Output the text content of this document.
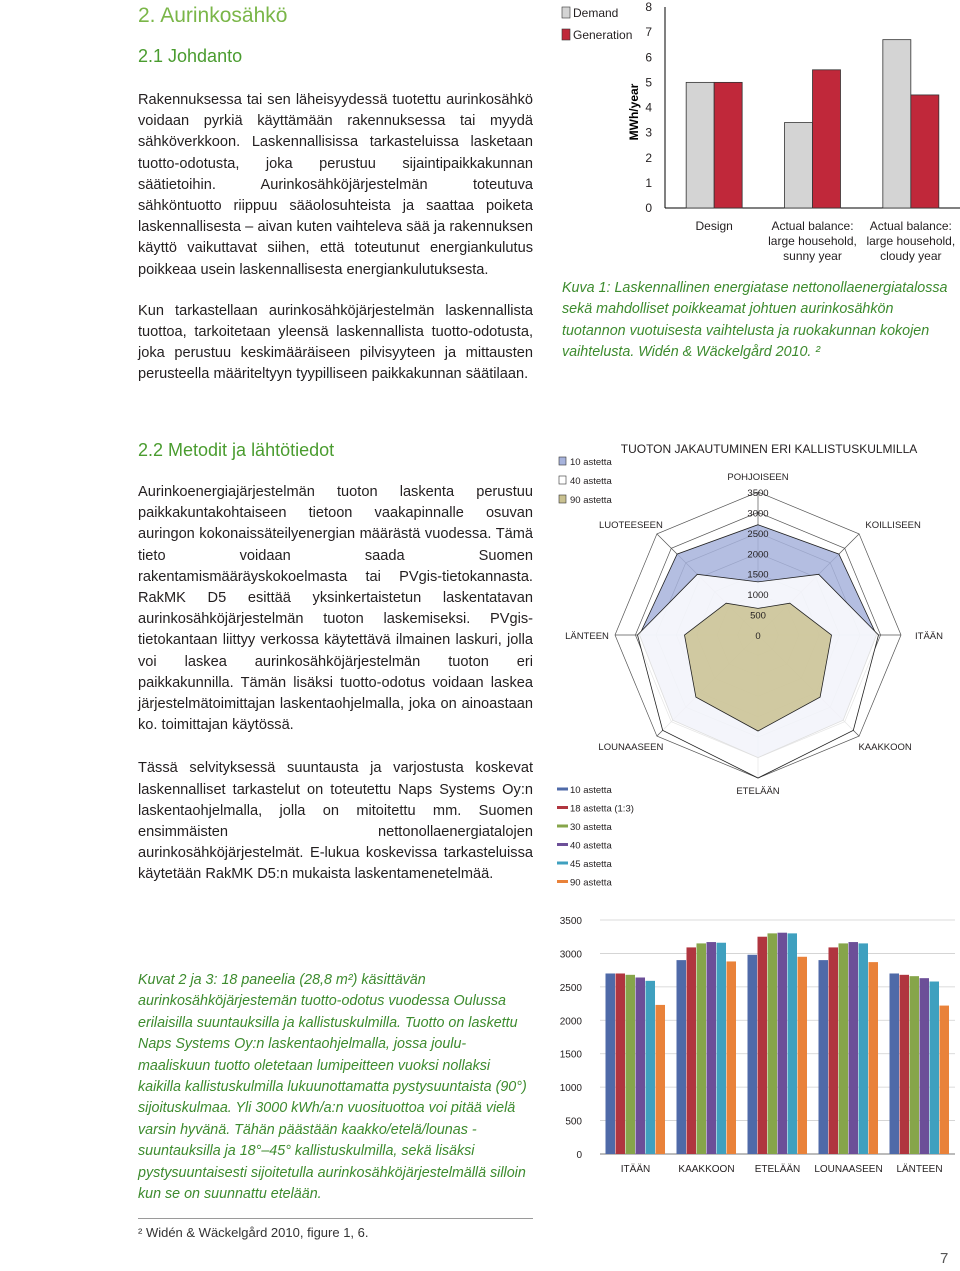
2. Aurinkosähkö
2.1 Johdanto

Rakennuksessa tai sen läheisyydessä tuotettu aurinkosähkö voidaan pyrkiä käyttämään rakennuksessa tai myydä sähköverkkoon. Laskennallisissa tarkasteluissa lasketaan tuotto-odotusta, joka perustuu sijaintipaikkakunnan säätietoihin. Aurinkosähköjärjestelmän toteutuva sähköntuotto riippuu sääolosuhteista ja saattaa poiketa laskennallisesta – aivan kuten vaihteleva sää ja rakennuksen käyttö vaikuttavat siihen, että toteutunut energiankulutus poikkeaa usein laskennallisesta energiankulutuksesta.

Kun tarkastellaan aurinkosähköjärjestelmän laskennallista tuottoa, tarkoitetaan yleensä laskennallista tuotto-odotusta, joka perustuu keskimääräiseen pilvisyyteen ja mittausten perusteella määriteltyyn tyypilliseen paikkakunnan säätilaan.

Demand
Generation
0
1
2
3
4
5
6
7
8
MWh/year
Design	Actual balance:
large household,
sunny year
Actual balance:
large household,
cloudy year
Kuva 1: Laskennallinen energiatase nettonollaenergiatalossa sekä mahdolliset poikkeamat johtuen aurinkosähkön tuotannon vuotuisesta vaihtelusta ja ruokakunnan kokojen vaihtelusta. Widén & Wäckelgård 2010. ²
2.2 Metodit ja lähtötiedot

Aurinkoenergiajärjestelmän tuoton laskenta perustuu paikkakuntakohtaiseen tietoon vaakapinnalle osuvan auringon kokonaissäteilyenergian määrästä vuodessa. Tämä tieto voidaan saada Suomen rakentamismääräyskokoelmasta tai PVgis-tietokannasta. RakMK D5 esittää yksinkertaistetun laskentatavan aurinkosähköjärjestelmän tuoton laskemiseksi. PVgis-tietokantaan liittyy verkossa käytettävä ilmainen laskuri, jolla voi laskea aurinkosähköjärjestelmän tuoton eri paikkakunnilla. Tämän lisäksi tuotto-odotus voidaan laskea järjestelmätoimittajan laskentaohjelmalla, joka on ainoastaan ko. toimittajan käytössä.

Tässä selvityksessä suuntausta ja varjostusta koskevat laskennalliset tarkastelut on toteutettu Naps Systems Oy:n laskentaohjelmalla, jolla on mitoitettu mm. Suomen ensimmäisten nettonollaenergiatalojen aurinkosähköjärjestelmät. E-lukua koskevissa tarkasteluissa käytetään RakMK D5:n mukaista laskentamenetelmää.

TUOTON JAKAUTUMINEN ERI KALLISTUSKULMILLA
10 astetta
40 astetta
90 astetta
0
500
1000
1500
2000
2500
3000
3500
POHJOISEEN
KOILLISEEN
ITÄÄN
KAAKKOON
ETELÄÄN
LOUNAASEEN
LÄNTEEN
LUOTEESEEN
10 astetta
18 astetta (1:3)
30 astetta
40 astetta
45 astetta
90 astetta
0
500
1000
1500
2000
2500
3000
3500
ITÄÄN	KAAKKOON ETELÄÄN LOUNAASEEN LÄNTEEN
Kuvat 2 ja 3: 18 paneelia (28,8 m²) käsittävän aurinkosähköjärjestemän tuotto-odotus vuodessa Oulussa erilaisilla suuntauksilla ja kallistuskulmilla. Tuotto on laskettu Naps Systems Oy:n laskentaohjelmalla, jossa joulu-maaliskuun tuotto oletetaan lumipeitteen vuoksi nollaksi kaikilla kallistuskulmilla lukuunottamatta pystysuuntaista (90°) sijoituskulmaa. Yli 3000 kWh/a:n vuosituottoa voi pitää vielä varsin hyvänä. Tähän päästään kaakko/etelä/lounas -suuntauksilla ja 18°–45° kallistuskulmilla, sekä lisäksi pystysuuntaisesti sijoitetulla aurinkosähköjärjestelmällä silloin kun se on suunnattu etelään.
² Widén & Wäckelgård 2010, figure 1, 6.
7
